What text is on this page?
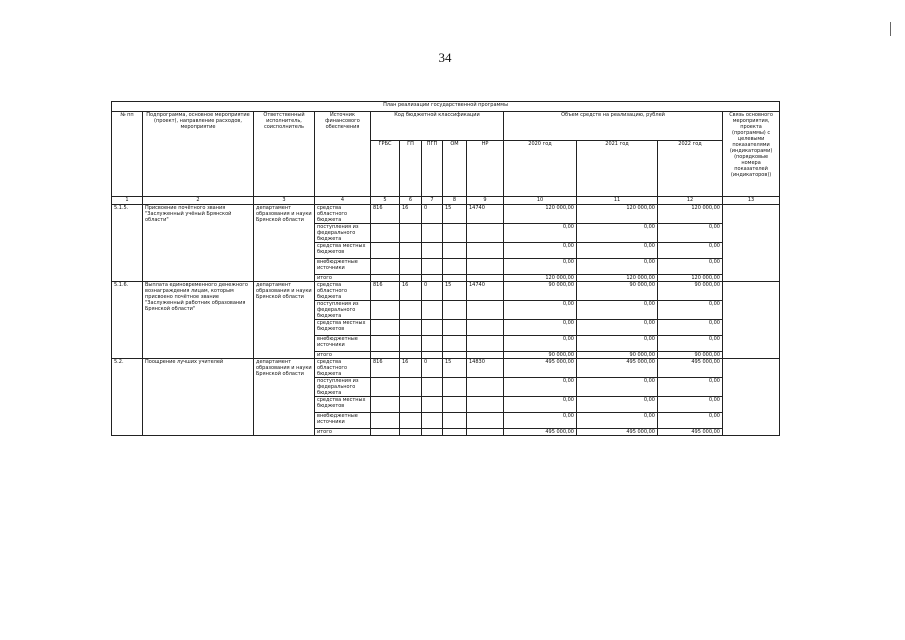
34
План реализации государственной программы												
№ пп	Подпрограмма, основное мероприятие (проект), направление расходов, мероприятие	Ответственный исполнитель, соисполнитель	Источник финансового обеспечения	Код бюджетной классификации					Объем средств на реализацию, рублей			Связь основного мероприятия, проекта (программы) с целевыми показателями (индикаторами) (порядковые номера показателей (индикаторов))
				ГРБС	ГП	ПГП	ОМ	НР	2020 год	2021 год	2022 год	
1	2	3	4	5	6	7	8	9	10	11	12	13
5.1.5.	Присвоение почётного звания "Заслуженный учёный Брянской области"	департамент образования и науки Брянской области	средства областного бюджета	816	16	0	15	14740	120 000,00	120 000,00	120 000,00	
			поступления из федерального бюджета						0,00	0,00	0,00	
			средства местных бюджетов						0,00	0,00	0,00	
			внебюджетные источники						0,00	0,00	0,00	
			итого						120 000,00	120 000,00	120 000,00	
5.1.6.	Выплата единовременного денежного вознаграждения лицам, которым присвоено почётное звание "Заслуженный работник образования Брянской области"	департамент образования и науки Брянской области	средства областного бюджета	816	16	0	15	14740	90 000,00	90 000,00	90 000,00	
			поступления из федерального бюджета						0,00	0,00	0,00	
			средства местных бюджетов						0,00	0,00	0,00	
			внебюджетные источники						0,00	0,00	0,00	
			итого						90 000,00	90 000,00	90 000,00	
5.2.	Поощрение лучших учителей	департамент образования и науки Брянской области	средства областного бюджета	816	16	0	15	14830	495 000,00	495 000,00	495 000,00	
			поступления из федерального бюджета						0,00	0,00	0,00	
			средства местных бюджетов						0,00	0,00	0,00	
			внебюджетные источники						0,00	0,00	0,00	
			итого						495 000,00	495 000,00	495 000,00	
